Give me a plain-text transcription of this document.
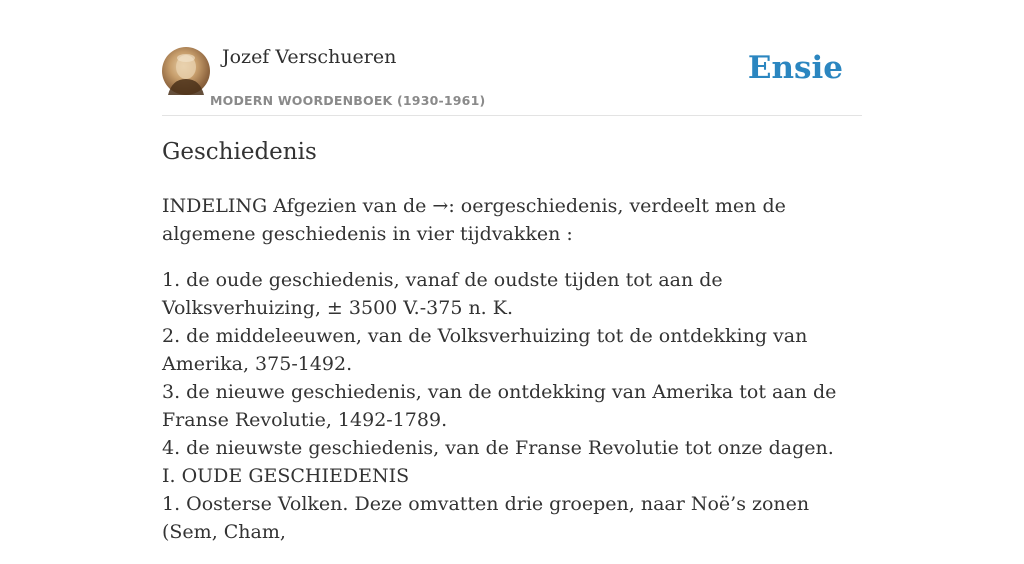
Jozef Verschueren
MODERN WOORDENBOEK (1930-1961)
Ensie
Geschiedenis

INDELING Afgezien van de →: oergeschiedenis, verdeelt men de algemene geschiedenis in vier tijdvakken :

1. de oude geschiedenis, vanaf de oudste tijden tot aan de Volksverhuizing, ± 3500 V.-375 n. K.
2. de middeleeuwen, van de Volksverhuizing tot de ontdekking van Amerika, 375-1492.
3. de nieuwe geschiedenis, van de ontdekking van Amerika tot aan de Franse Revolutie, 1492-1789.
4. de nieuwste geschiedenis, van de Franse Revolutie tot onze dagen.
I. OUDE GESCHIEDENIS
1. Oosterse Volken. Deze omvatten drie groepen, naar Noë’s zonen (Sem, Cham,
